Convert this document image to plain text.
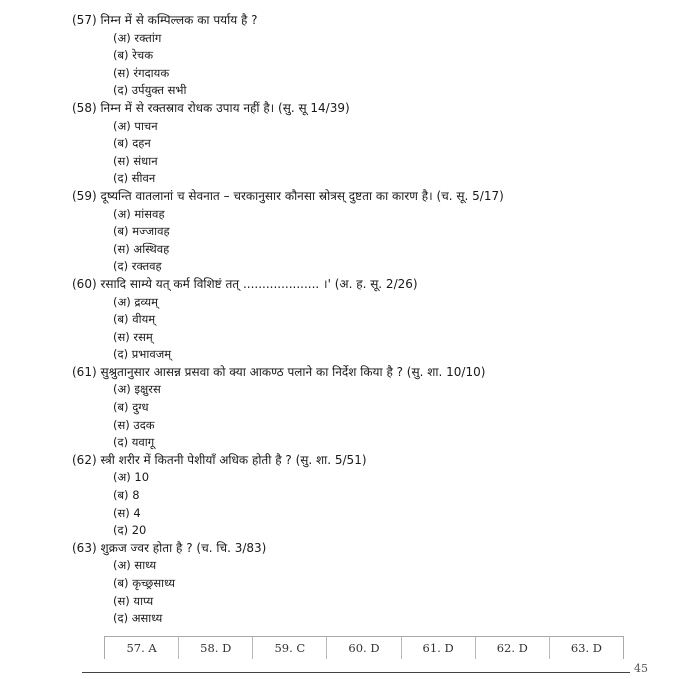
(57) निम्न में से कम्पिल्लक का पर्याय है ?

(अ) रक्तांग

(ब) रेचक

(स) रंगदायक

(द) उर्पयुक्त सभी

(58) निम्न में से रक्तस्राव रोधक उपाय नहीं है। (सु. सू 14/39)

(अ) पाचन

(ब) दहन

(स) संधान

(द) सीवन

(59) दूष्यन्ति वातलानां च सेवनात – चरकानुसार कौनसा स्रोत्रस् दुष्टता का कारण है। (च. सू. 5/17)

(अ) मांसवह

(ब) मज्जावह

(स) अस्थिवह

(द) रक्तवह

(60) रसादि साम्ये यत् कर्म विशिष्टं तत् .................... ।' (अ. ह. सू. 2/26)

(अ) द्रव्यम्

(ब) वीयम्

(स) रसम्

(द) प्रभावजम्

(61) सुश्रुतानुसार आसन्न प्रसवा को क्या आकण्ठ पलाने का निर्देश किया है ? (सु. शा. 10/10)

(अ) इक्षुरस

(ब) दुग्ध

(स) उदक

(द) यवागू

(62) स्त्री शरीर में कितनी पेशीयाँ अधिक होती है ? (सु. शा. 5/51)

(अ) 10

(ब) 8

(स) 4

(द) 20

(63) शुक्रज ज्वर होता है ? (च. चि. 3/83)

(अ) साध्य

(ब) कृच्छ्रसाध्य

(स) याप्य

(द) असाध्य

57. A	58. D	59. C	60. D	61. D	62. D	63. D
45
